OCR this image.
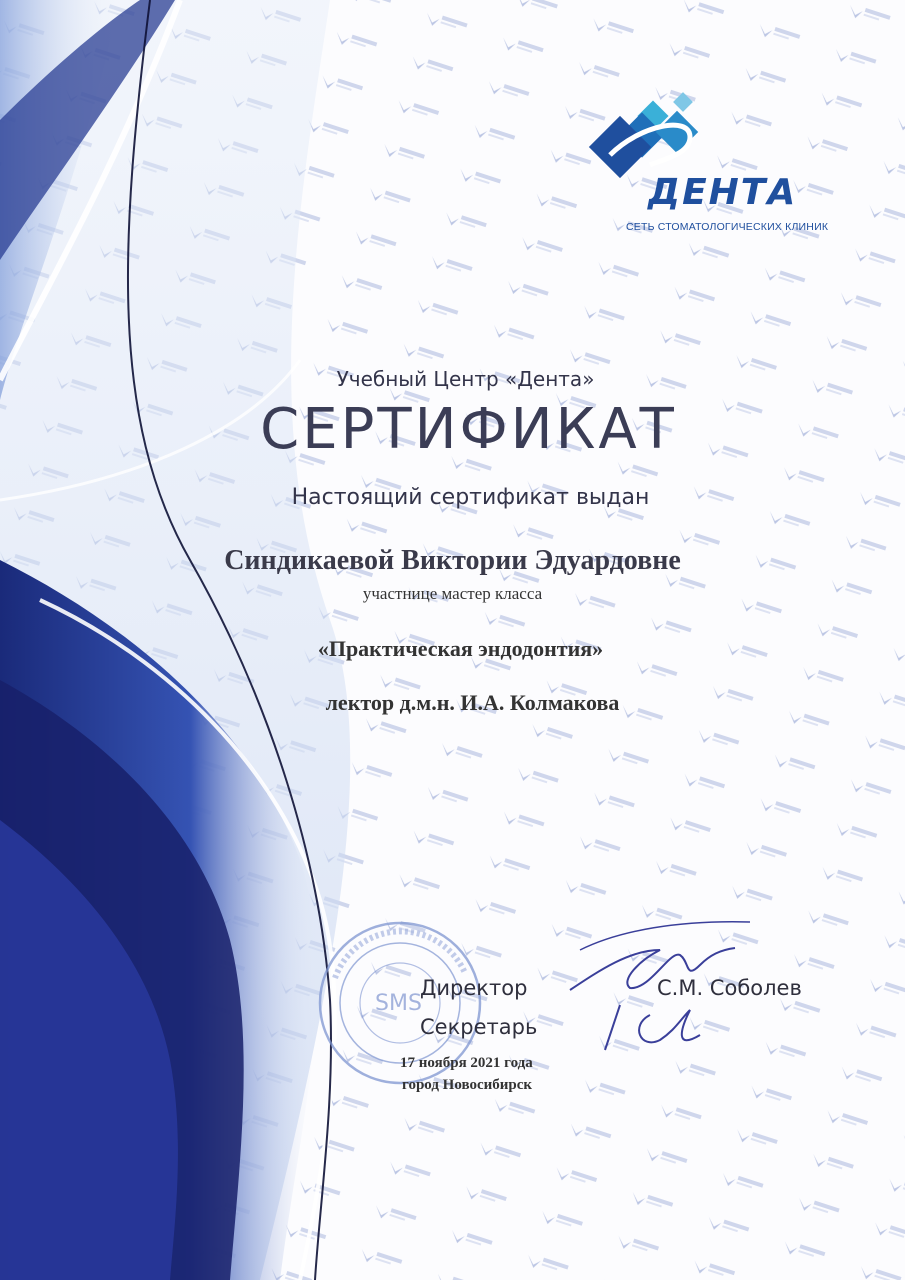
ДЕНТА
СЕТЬ СТОМАТОЛОГИЧЕСКИХ КЛИНИК
Учебный Центр «Дента»
СЕРТИФИКАТ
Настоящий сертификат выдан
Синдикаевой Виктории Эдуардовне
участнице мастер класса
«Практическая эндодонтия»
лектор д.м.н. И.А. Колмакова
SMS
Директор	С.М. Соболев
Секретарь
17 ноября 2021 года
город Новосибирск
